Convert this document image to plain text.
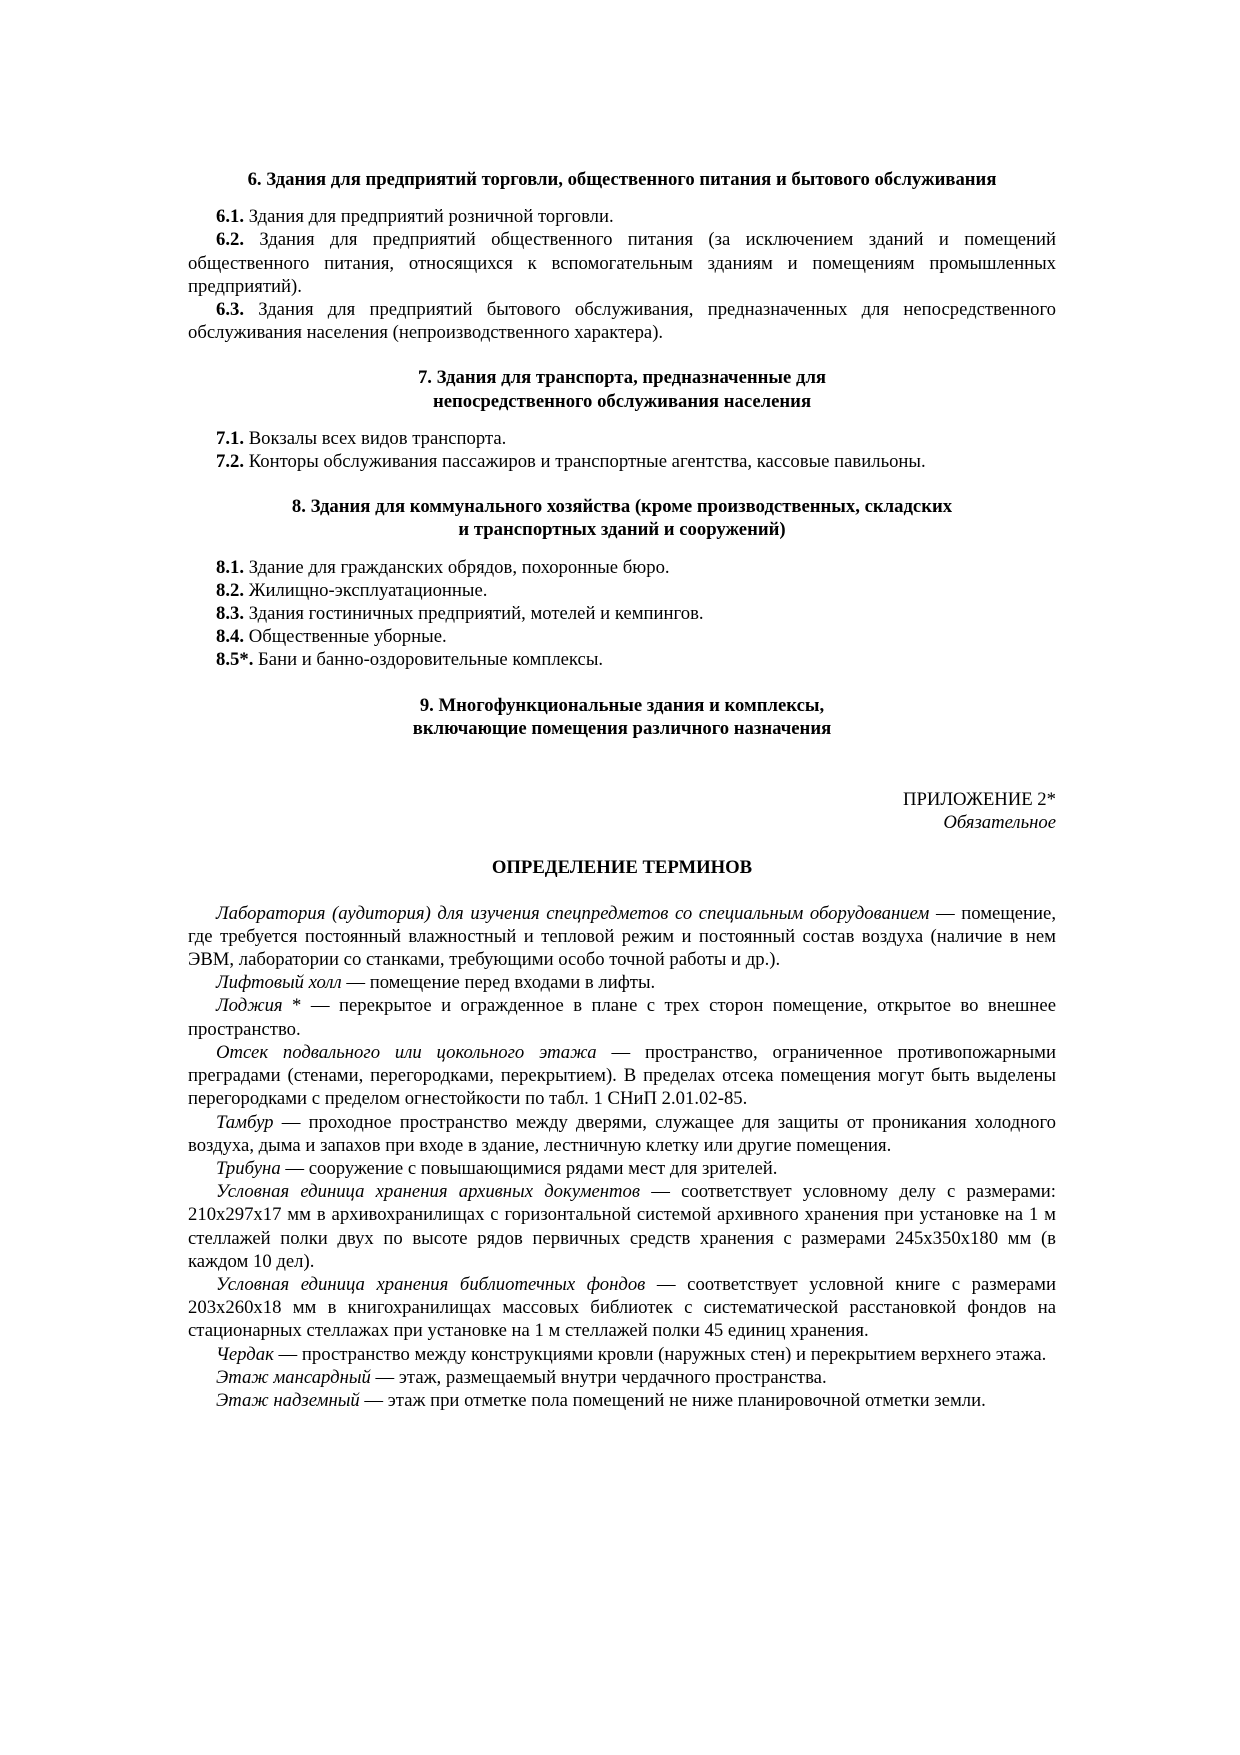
6. Здания для предприятий торговли, общественного питания и бытового обслуживания
6.1. Здания для предприятий розничной торговли.
6.2. Здания для предприятий общественного питания (за исключением зданий и помещений общественного питания, относящихся к вспомогательным зданиям и помещениям промышленных предприятий).
6.3. Здания для предприятий бытового обслуживания, предназначенных для непосредственного обслуживания населения (непроизводственного характера).
7. Здания для транспорта, предназначенные для
непосредственного обслуживания населения
7.1. Вокзалы всех видов транспорта.
7.2. Конторы обслуживания пассажиров и транспортные агентства, кассовые павильоны.
8. Здания для коммунального хозяйства (кроме производственных, складских
и транспортных зданий и сооружений)
8.1. Здание для гражданских обрядов, похоронные бюро.
8.2. Жилищно-эксплуатационные.
8.3. Здания гостиничных предприятий, мотелей и кемпингов.
8.4. Общественные уборные.
8.5*. Бани и банно-оздоровительные комплексы.
9. Многофункциональные здания и комплексы,
включающие помещения различного назначения
ПРИЛОЖЕНИЕ 2*
Обязательное
ОПРЕДЕЛЕНИЕ ТЕРМИНОВ
Лаборатория (аудитория) для изучения спецпредметов со специальным оборудованием — помещение, где требуется постоянный влажностный и тепловой режим и постоянный состав воздуха (наличие в нем ЭВМ, лаборатории со станками, требующими особо точной работы и др.).
Лифтовый холл — помещение перед входами в лифты.
Лоджия * — перекрытое и огражденное в плане с трех сторон помещение, открытое во внешнее пространство.
Отсек подвального или цокольного этажа — пространство, ограниченное противопожарными преградами (стенами, перегородками, перекрытием). В пределах отсека помещения могут быть выделены перегородками с пределом огнестойкости по табл. 1 СНиП 2.01.02-85.
Тамбур — проходное пространство между дверями, служащее для защиты от проникания холодного воздуха, дыма и запахов при входе в здание, лестничную клетку или другие помещения.
Трибуна — сооружение с повышающимися рядами мест для зрителей.
Условная единица хранения архивных документов — соответствует условному делу с размерами: 210х297х17 мм в архивохранилищах с горизонтальной системой архивного хранения при установке на 1 м стеллажей полки двух по высоте рядов первичных средств хранения с размерами 245х350х180 мм (в каждом 10 дел).
Условная единица хранения библиотечных фондов — соответствует условной книге с размерами 203х260х18 мм в книгохранилищах массовых библиотек с систематической расстановкой фондов на стационарных стеллажах при установке на 1 м стеллажей полки 45 единиц хранения.
Чердак — пространство между конструкциями кровли (наружных стен) и перекрытием верхнего этажа.
Этаж мансардный — этаж, размещаемый внутри чердачного пространства.
Этаж надземный — этаж при отметке пола помещений не ниже планировочной отметки земли.
